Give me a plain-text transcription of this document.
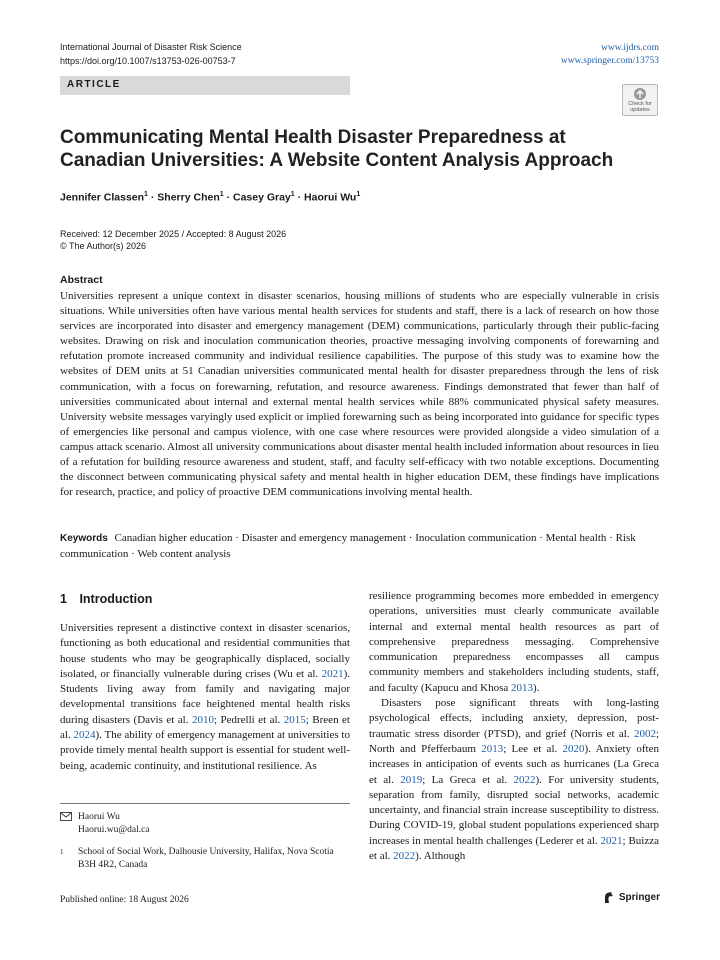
International Journal of Disaster Risk Science
https://doi.org/10.1007/s13753-026-00753-7
www.ijdrs.com
www.springer.com/13753
ARTICLE
Check for
updates
Communicating Mental Health Disaster Preparedness at Canadian Universities: A Website Content Analysis Approach
Jennifer Classen$^1$ · Sherry Chen$^1$ · Casey Gray$^1$ · Haorui Wu$^1$
Received: 12 December 2025 / Accepted: 8 August 2026
© The Author(s) 2026
Abstract

Universities represent a unique context in disaster scenarios, housing millions of students who are especially vulnerable in crisis situations. While universities often have various mental health services for students and staff, there is a lack of research on how those services are incorporated into disaster and emergency management (DEM) communications, particularly through their public-facing websites. Drawing on risk and inoculation communication theories, proactive messaging involving components of forewarning and refutation promote increased community and individual resilience capabilities. The purpose of this study was to examine how the websites of DEM units at 51 Canadian universities communicated mental health for disaster preparedness through the lens of risk communication, with a focus on forewarning, refutation, and resource awareness. Findings demonstrated that fewer than half of universities communicated about internal and external mental health services while 88% communicated physical safety measures. University website messages varyingly used explicit or implied forewarning such as being incorporated into guidance for specific types of emergencies like personal and campus violence, with one case where resources were provided alongside a video simulation of a campus attack scenario. Almost all university communications about disaster mental health included information about resources in lieu of a refutation for building resource awareness and student, staff, and faculty self-efficacy with two notable exceptions. Documenting the disconnect between communicating physical safety and mental health in higher education DEM, these findings have implications for research, practice, and policy of proactive DEM communications involving mental health.

Keywords Canadian higher education · Disaster and emergency management · Inoculation communication · Mental health · Risk communication · Web content analysis
1 Introduction

Universities represent a distinctive context in disaster scenarios, functioning as both educational and residential communities that house students who may be geographically displaced, socially isolated, or financially vulnerable during crises (Wu et al. 2021). Students living away from family and navigating major developmental transitions face heightened mental health risks during disasters (Davis et al. 2010; Pedrelli et al. 2015; Breen et al. 2024). The ability of emergency management at universities to provide timely mental health support is essential for student well-being, academic continuity, and institutional resilience. As

resilience programming becomes more embedded in emergency operations, universities must clearly communicate available internal and external mental health resources as part of comprehensive preparedness messaging. Comprehensive communication preparedness encompasses all campus community members and stakeholders including students, staff, and faculty (Kapucu and Khosa 2013).

Disasters pose significant threats with long-lasting psychological effects, including anxiety, depression, post-traumatic stress disorder (PTSD), and grief (Norris et al. 2002; North and Pfefferbaum 2013; Lee et al. 2020). Anxiety often increases in anticipation of events such as hurricanes (La Greca et al. 2019; La Greca et al. 2022). For university students, separation from family, disrupted social networks, academic uncertainty, and financial strain increase susceptibility to distress. During COVID-19, global student populations experienced sharp increases in mental health challenges (Lederer et al. 2021; Buizza et al. 2022). Although

Haorui Wu
Haorui.wu@dal.ca
1 School of Social Work, Dalhousie University, Halifax, Nova Scotia B3H 4R2, Canada
Published online: 18 August 2026	Springer
